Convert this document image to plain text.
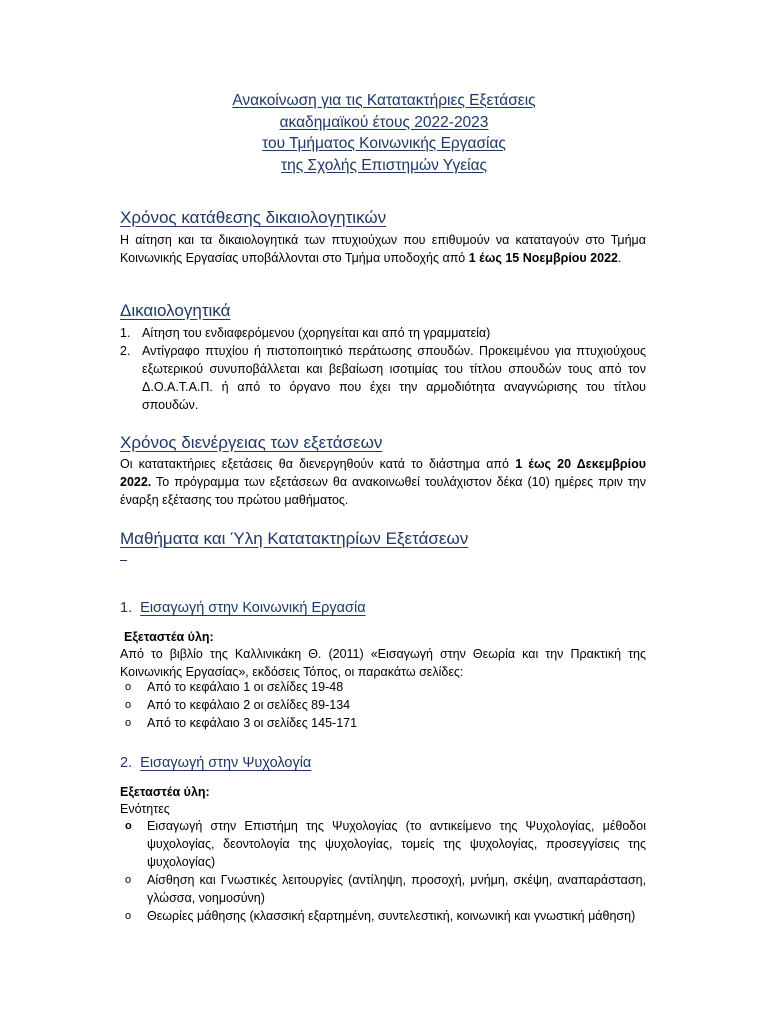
Ανακοίνωση για τις Κατατακτήριες Εξετάσεις
ακαδημαϊκού έτους 2022-2023
του Τμήματος Κοινωνικής Εργασίας
της Σχολής Επιστημών Υγείας
Χρόνος κατάθεσης δικαιολογητικών
Η αίτηση και τα δικαιολογητικά των πτυχιούχων που επιθυμούν να καταταγούν στο Τμήμα Κοινωνικής Εργασίας υποβάλλονται στο Τμήμα υποδοχής από 1 έως 15 Νοεμβρίου 2022.
Δικαιολογητικά
1. Αίτηση του ενδιαφερόμενου (χορηγείται και από τη γραμματεία)
2. Αντίγραφο πτυχίου ή πιστοποιητικό περάτωσης σπουδών. Προκειμένου για πτυχιούχους εξωτερικού συνυποβάλλεται και βεβαίωση ισοτιμίας του τίτλου σπουδών τους από τον Δ.Ο.Α.Τ.Α.Π. ή από το όργανο που έχει την αρμοδιότητα αναγνώρισης του τίτλου σπουδών.
Χρόνος διενέργειας των εξετάσεων
Οι κατατακτήριες εξετάσεις θα διενεργηθούν κατά το διάστημα από 1 έως 20 Δεκεμβρίου 2022. Το πρόγραμμα των εξετάσεων θα ανακοινωθεί τουλάχιστον δέκα (10) ημέρες πριν την έναρξη εξέτασης του πρώτου μαθήματος.
Μαθήματα και Ύλη Κατατακτηρίων Εξετάσεων
1. Εισαγωγή στην Κοινωνική Εργασία
Εξεταστέα ύλη:
Από το βιβλίο της Καλλινικάκη Θ. (2011) «Εισαγωγή στην Θεωρία και την Πρακτική της Κοινωνικής Εργασίας», εκδόσεις Τόπος, οι παρακάτω σελίδες:
o Από το κεφάλαιο 1 οι σελίδες 19-48
o Από το κεφάλαιο 2 οι σελίδες 89-134
o Από το κεφάλαιο 3 οι σελίδες 145-171
2. Εισαγωγή στην Ψυχολογία
Εξεταστέα ύλη:
Ενότητες
o Εισαγωγή στην Επιστήμη της Ψυχολογίας (το αντικείμενο της Ψυχολογίας, μέθοδοι ψυχολογίας, δεοντολογία της ψυχολογίας, τομείς της ψυχολογίας, προσεγγίσεις της ψυχολογίας)
o Αίσθηση και Γνωστικές λειτουργίες (αντίληψη, προσοχή, μνήμη, σκέψη, αναπαράσταση, γλώσσα, νοημοσύνη)
o Θεωρίες μάθησης (κλασσική εξαρτημένη, συντελεστική, κοινωνική και γνωστική μάθηση)
